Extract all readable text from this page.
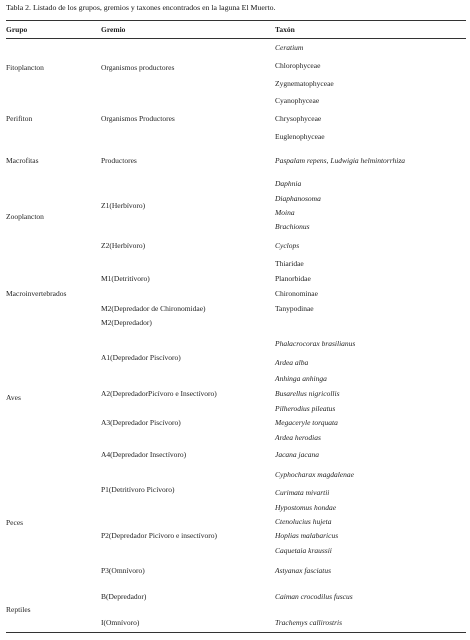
Tabla 2. Listado de los grupos, gremios y taxones encontrados en la laguna El Muerto.
Grupo	Gremio	Taxón
Fitoplancton
Perifiton
Macrofitas
Zooplancton
Macroinvertebrados
Aves
Peces
Reptiles
Organismos productores
Organismos Productores
Productores
Z1(Herbívoro)
Z2(Herbívoro)
M1(Detritívoro)
M2(Depredador de Chironomidae)
M2(Depredador)
A1(Depredador Piscívoro)
A2(DepredadorPicívoro e Insectívoro)
A3(Depredador Piscívoro)
A4(Depredador Insectívoro)
P1(Detritívoro Picívoro)
P2(Depredador Picívoro e insectívoro)
P3(Omnívoro)
B(Depredador)
I(Omnívoro)
Ceratium
Chlorophyceae
Zygnematophyceae
Cyanophyceae
Chrysophyceae
Euglenophyceae
Paspalam repens, Ludwigia helmintorrhiza
Daphnia
Diaphanosoma
Moina
Brachionus
Cyclops
Thiaridae
Planorbidae
Chironominae
Tanypodinae
Phalacrocorax brasilianus
Ardea alba
Anhinga anhinga
Busarellus nigricollis
Pilherodius pileatus
Megaceryle torquata
Ardea herodias
Jacana jacana
Cyphocharax magdalenae
Curimata mivartii
Hypostomus hondae
Ctenolucius hujeta
Hoplias malabaricus
Caquetaia kraussii
Astyanax fasciatus
Caiman crocodilus fuscus
Trachemys callirostris
